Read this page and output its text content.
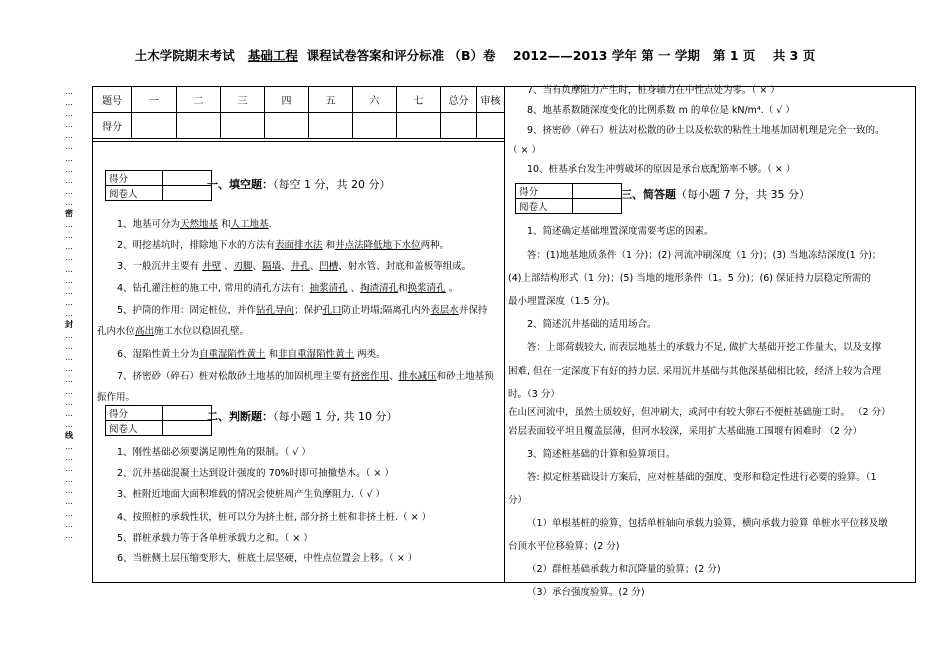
土木学院期末考试 基础工程 课程试卷答案和评分标准 （B）卷 2012——2013 学年 第 一 学期 第 1 页 共 3 页
…
…
…
…
…
…
…
…
…
…
…
密
…
…
…
…
…
…
…
…
…
封
…
…
…
…
…
…
…
…
…
线
…
…
…
…
…
…
…
…
…
题号	一	二	三	四	五	六	七	总分	审核
得分									
得分	
阅卷人	
一、填空题：（每空 1 分，共 20 分）
1、地基可分为天然地基 和人工地基.
2、明挖基坑时，排除地下水的方法有表面排水法 和井点法降低地下水位两种。
3、一般沉井主要有 井壁 、刃脚、隔墙、井孔、凹槽、射水管、封底和盖板等组成。
4、钻孔灌注桩的施工中, 常用的清孔方法有：抽浆清孔 、掏渣清孔和换浆清孔 。
5、护筒的作用：固定桩位，并作钻孔导向；保护孔口防止坍塌;隔离孔内外表层水并保持
孔内水位高出施工水位以稳固孔壁。
6、湿陷性黄土分为自重湿陷性黄土 和非自重湿陷性黄土 两类。
7、挤密砂（碎石）桩对松散砂土地基的加固机理主要有挤密作用、排水减压和砂土地基预
振作用。
得分	
阅卷人	
二、判断题：（每小题 1 分, 共 10 分）
1、刚性基础必须要满足刚性角的限制。（ √ ）
2、沉井基础混凝土达到设计强度的 70%时即可抽撤垫木。（ × ）
3、桩附近地面大面积堆载的情况会使桩周产生负摩阻力.（ √ ）
4、按照桩的承载性状，桩可以分为挤土桩, 部分挤土桩和非挤土桩.（ × ）
5、群桩承载力等于各单桩承载力之和。（ × ）
6、当桩侧土层压缩变形大，桩底土层坚硬，中性点位置会上移。（ × ）
7、当有负摩阻力产生时，桩身轴力在中性点处为零。（ × ）
8、地基系数随深度变化的比例系数 m 的单位是 kN/m⁴.（ √ ）
9、挤密砂（碎石）桩法对松散的砂土以及松软的粘性土地基加固机理是完全一致的。
（ × ）
10、桩基承台发生冲剪破坏的原因是承台底配筋率不够。（ × ）
得分	
阅卷人	
三、简答题（每小题 7 分，共 35 分）
1、简述确定基础埋置深度需要考虑的因素。
答：(1)地基地质条件（1 分)；(2) 河流冲刷深度（1 分)；(3) 当地冻结深度(1 分)；
(4)上部结构形式（1 分)；(5) 当地的地形条件（1。5 分)；(6) 保证持力层稳定所需的
最小埋置深度（1.5 分)。
2、简述沉井基础的适用场合。
答：上部荷载较大, 而表层地基土的承载力不足, 做扩大基础开挖工作量大，以及支撑
困难, 但在一定深度下有好的持力层. 采用沉井基础与其他深基础相比较，经济上较为合理
时。（3 分）
在山区河流中，虽然土质较好，但冲刷大，或河中有较大卵石不便桩基础施工时。 （2 分）
岩层表面较平坦且覆盖层薄，但河水较深，采用扩大基础施工围堰有困难时 （2 分）
3、简述桩基础的计算和验算项目。
答: 拟定桩基础设计方案后，应对桩基础的强度、变形和稳定性进行必要的验算。（1
分）
（1）单根基桩的验算，包括单桩轴向承载力验算，横向承载力验算 单桩水平位移及墩
台顶水平位移验算；(2 分)
（2）群桩基础承载力和沉降量的验算；(2 分)
（3）承台强度验算。(2 分)
